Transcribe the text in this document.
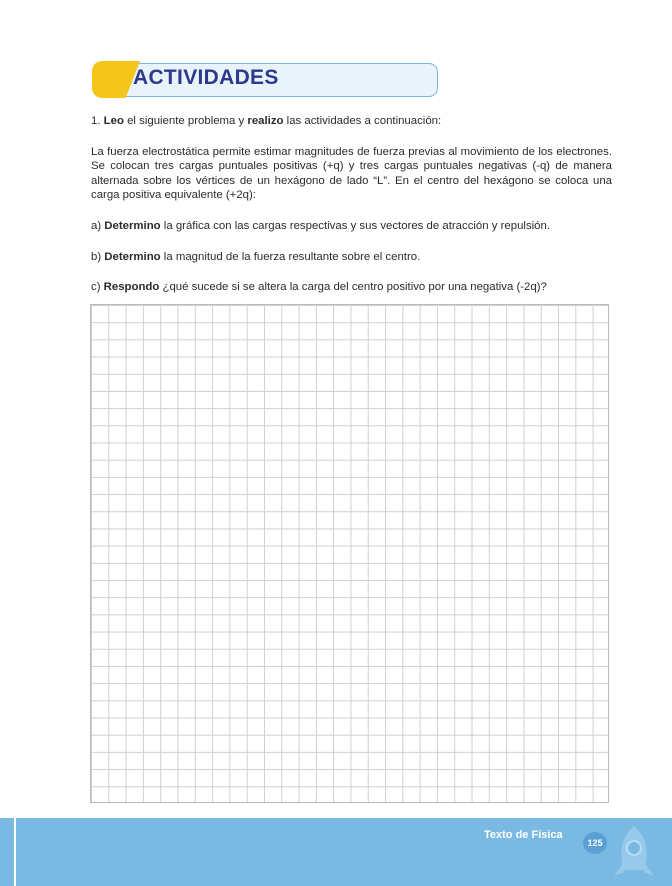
ACTIVIDADES

1. Leo el siguiente problema y realizo las actividades a continuación:

La fuerza electrostática permite estimar magnitudes de fuerza previas al movimiento de los electrones. Se colocan tres cargas puntuales positivas (+q) y tres cargas puntuales negativas (-q) de manera alternada sobre los vértices de un hexágono de lado “L”. En el centro del hexágono se coloca una carga positiva equivalente (+2q):

a) Determino la gráfica con las cargas respectivas y sus vectores de atracción y repulsión.

b) Determino la magnitud de la fuerza resultante sobre el centro.

c) Respondo ¿qué sucede si se altera la carga del centro positivo por una negativa (-2q)?

Texto de Física
125
